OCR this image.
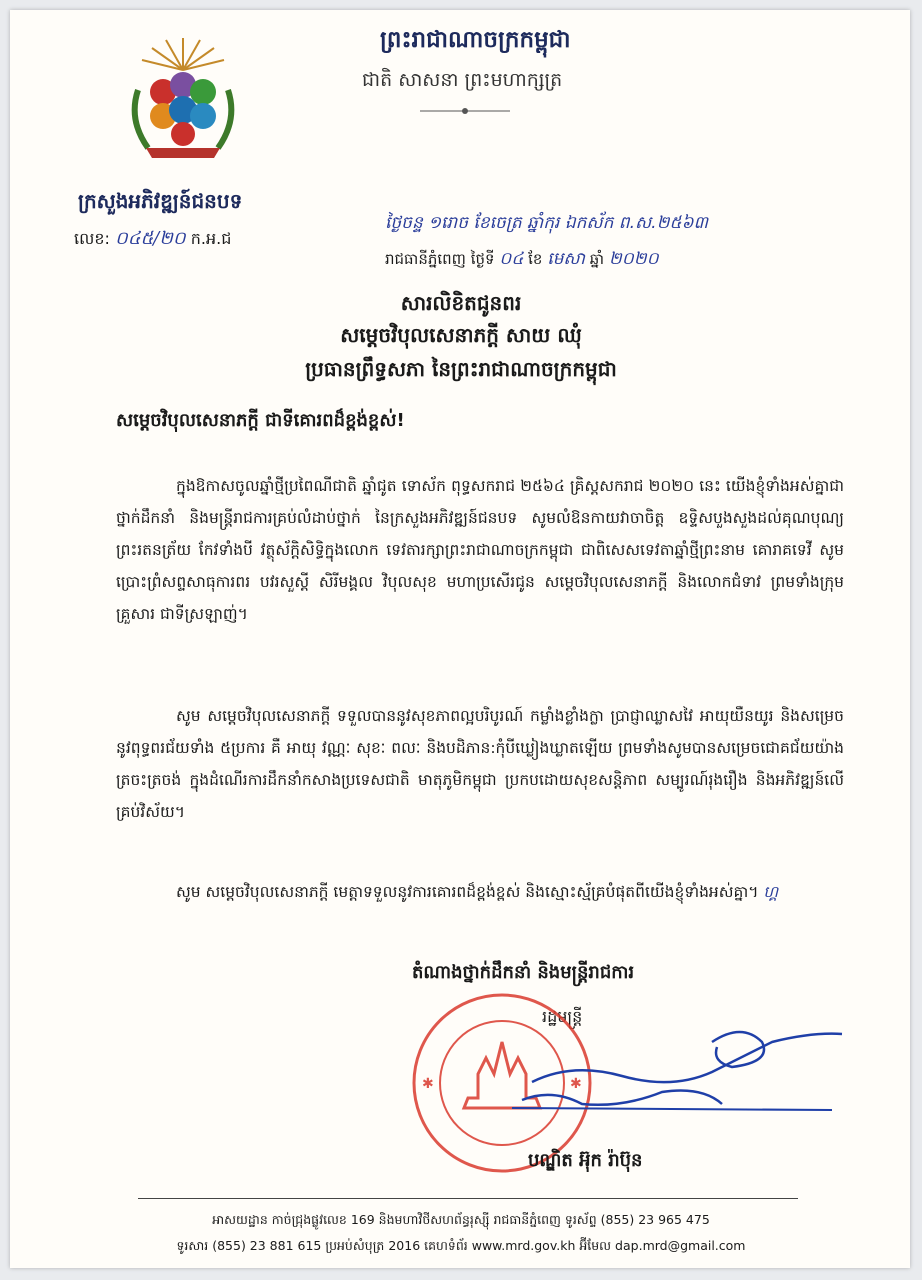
ព្រះរាជាណាចក្រកម្ពុជា
ជាតិ សាសនា ព្រះមហាក្សត្រ
ក្រសួងអភិវឌ្ឍន៍ជនបទ
លេខ: ០៤៥/២០ ក.អ.ជ
ថ្ងៃចន្ទ ១រោច ខែចេត្រ ឆ្នាំកុរ ឯកស័ក ព.ស.២៥៦៣
រាជធានីភ្នំពេញ ថ្ងៃទី ០៤ ខែ មេសា ឆ្នាំ ២០២០
សារលិខិតជូនពរ
សម្តេចវិបុលសេនាភក្តី សាយ ឈុំ
ប្រធានព្រឹទ្ធសភា នៃព្រះរាជាណាចក្រកម្ពុជា
សម្តេចវិបុលសេនាភក្តី ជាទីគោរពដ៏ខ្ពង់ខ្ពស់!
ក្នុងឱកាសចូលឆ្នាំថ្មីប្រពៃណីជាតិ ឆ្នាំជូត ទោស័ក ពុទ្ធសករាជ ២៥៦៤ គ្រិស្តសករាជ ២០២០ នេះ យើងខ្ញុំទាំងអស់គ្នាជាថ្នាក់ដឹកនាំ និងមន្ត្រីរាជការគ្រប់លំដាប់ថ្នាក់ នៃក្រសួងអភិវឌ្ឍន៍ជនបទ សូមលំឱនកាយវាចាចិត្ត ឧទ្ទិសបួងសួងដល់គុណបុណ្យព្រះរតនត្រ័យ កែវទាំងបី វត្ថុស័ក្តិសិទ្ធិក្នុងលោក ទេវតារក្សាព្រះរាជាណាចក្រកម្ពុជា ជាពិសេសទេវតាឆ្នាំថ្មីព្រះនាម គោរាគទេវី សូមប្រោះព្រំសព្ទសាធុការពរ បវរសួស្តី សិរីមង្គល វិបុលសុខ មហាប្រសើរជូន សម្តេចវិបុលសេនាភក្តី និងលោកជំទាវ ព្រមទាំងក្រុមគ្រួសារ ជាទីស្រឡាញ់។
សូម សម្តេចវិបុលសេនាភក្តី ទទួលបាននូវសុខភាពល្អបរិបូរណ៍ កម្លាំងខ្លាំងក្លា ប្រាជ្ញាឈ្លាសវៃ អាយុយឺនយូរ និងសម្រេចនូវពុទ្ធពរជ័យទាំង ៥ប្រការ គឺ អាយុ វណ្ណៈ សុខៈ ពលៈ និងបដិភាន:កុំបីឃ្លៀងឃ្លាតឡើយ ព្រមទាំងសូមបានសម្រេចជោគជ័យយ៉ាងត្រចះត្រចង់ ក្នុងដំណើរការដឹកនាំកសាងប្រទេសជាតិ មាតុភូមិកម្ពុជា ប្រកបដោយសុខសន្តិភាព សម្បូរណ៍រុងរឿង និងអភិវឌ្ឍន៍លើគ្រប់វិស័យ។
សូម សម្តេចវិបុលសេនាភក្តី មេត្តាទទួលនូវការគោរពដ៏ខ្ពង់ខ្ពស់ និងស្មោះស្ម័គ្របំផុតពីយើងខ្ញុំទាំងអស់គ្នា។ ហ្គ
តំណាងថ្នាក់ដឹកនាំ និងមន្ត្រីរាជការ
រដ្ឋមន្ត្រី
✱	✱
បណ្ឌិត អ៊ុក រ៉ាប៊ុន
អាសយដ្ឋាន កាច់ជ្រុងផ្លូវលេខ 169 និងមហាវិថីសហព័ន្ធរុស្ស៊ី រាជធានីភ្នំពេញ ទូរស័ព្ទ (855) 23 965 475
ទូរសារ (855) 23 881 615 ប្រអប់សំបុត្រ 2016 គេហទំព័រ www.mrd.gov.kh អ៊ីមែល dap.mrd@gmail.com
